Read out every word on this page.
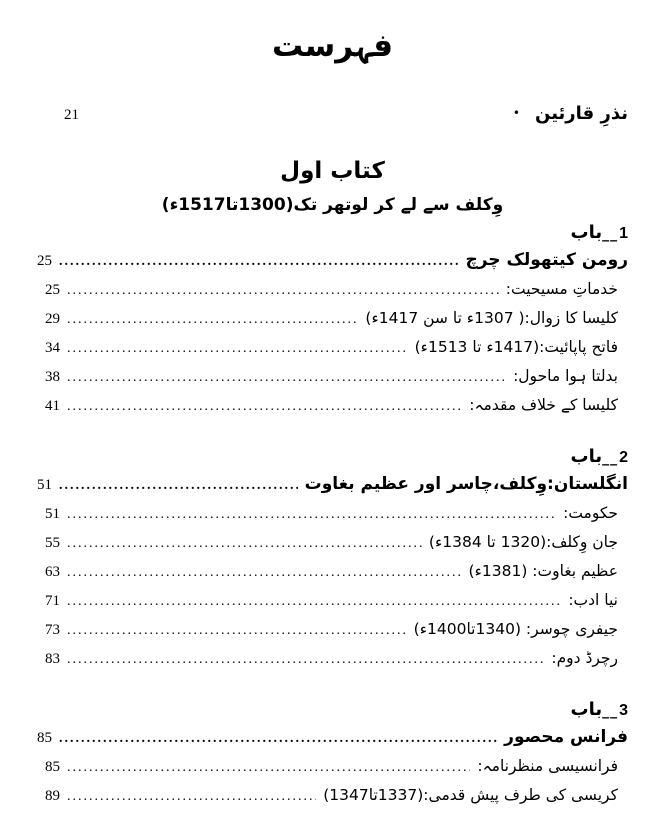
فہرست
21	• نذرِ قارئین
کتاب اول
وِکلف سے لے کر لوتھر تک(1300تا1517ء)
باب __ 1
25 .....	رومن کیتھولک چرچ
25 .....	خدماتِ مسیحیت:
29 .....	کلیسا کا زوال:( 1307ء تا سن 1417ء)
34 .....	فاتح پاپائیت:(1417ء تا 1513ء)
38 .....	بدلتا ہوا ماحول:
41 .....	کلیسا کے خلاف مقدمہ:
باب __ 2
51 .....	انگلستان:وِکلف،چاسر اور عظیم بغاوت
51 .....	حکومت:
55 .....	جان وِکلف:(1320 تا 1384ء)
63 .....	عظیم بغاوت: (1381ء)
71 .....	نیا ادب:
73 .....	جیفری چوسر: (1340تا1400ء)
83 .....	رچرڈ دوم:
باب __ 3
85 .....	فرانس محصور
85 .....	فرانسیسی منظرنامہ:
89 .....	کریسی کی طرف پیش قدمی:(1337تا1347)
